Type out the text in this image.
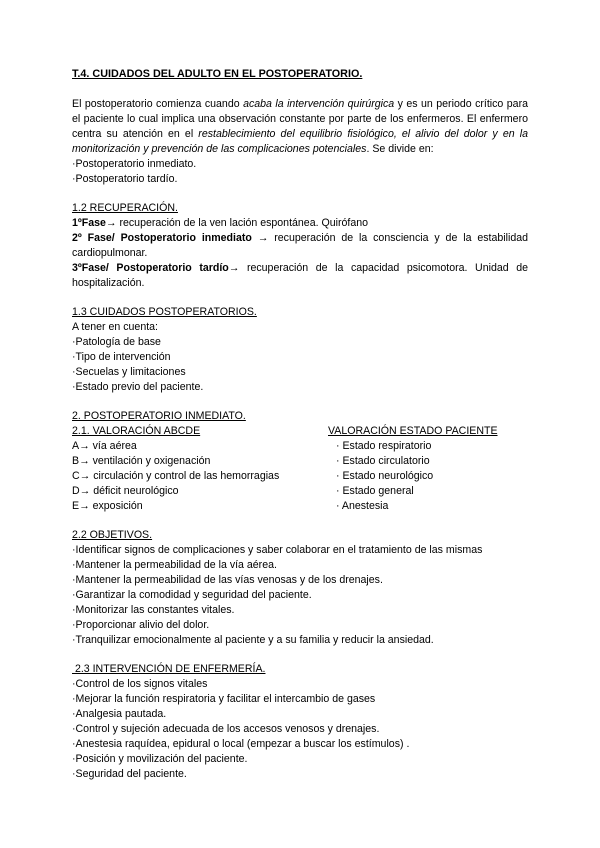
T.4. CUIDADOS DEL ADULTO EN EL POSTOPERATORIO.

El postoperatorio comienza cuando acaba la intervención quirúrgica y es un periodo crítico para el paciente lo cual implica una observación constante por parte de los enfermeros. El enfermero centra su atención en el restablecimiento del equilibrio fisiológico, el alivio del dolor y en la monitorización y prevención de las complicaciones potenciales. Se divide en:

·Postoperatorio inmediato.
·Postoperatorio tardío.
1.2 RECUPERACIÓN.

1ºFase→ recuperación de la ven lación espontánea. Quirófano

2º Fase/ Postoperatorio inmediato → recuperación de la consciencia y de la estabilidad cardiopulmonar.

3ºFase/ Postoperatorio tardío→ recuperación de la capacidad psicomotora. Unidad de hospitalización.

1.3 CUIDADOS POSTOPERATORIOS.
A tener en cuenta:
·Patología de base
·Tipo de intervención
·Secuelas y limitaciones
·Estado previo del paciente.
2. POSTOPERATORIO INMEDIATO.
2.1. VALORACIÓN ABCDE
A→ vía aérea
B→ ventilación y oxigenación
C→ circulación y control de las hemorragias
D→ déficit neurológico
E→ exposición
VALORACIÓN ESTADO PACIENTE
· Estado respiratorio
· Estado circulatorio
· Estado neurológico
· Estado general
· Anestesia
2.2 OBJETIVOS.
·Identificar signos de complicaciones y saber colaborar en el tratamiento de las mismas
·Mantener la permeabilidad de la vía aérea.
·Mantener la permeabilidad de las vías venosas y de los drenajes.
·Garantizar la comodidad y seguridad del paciente.
·Monitorizar las constantes vitales.
·Proporcionar alivio del dolor.
·Tranquilizar emocionalmente al paciente y a su familia y reducir la ansiedad.
2.3 INTERVENCIÓN DE ENFERMERÍA.
·Control de los signos vitales
·Mejorar la función respiratoria y facilitar el intercambio de gases
·Analgesia pautada.
·Control y sujeción adecuada de los accesos venosos y drenajes.
·Anestesia raquídea, epidural o local (empezar a buscar los estímulos) .
·Posición y movilización del paciente.
·Seguridad del paciente.
